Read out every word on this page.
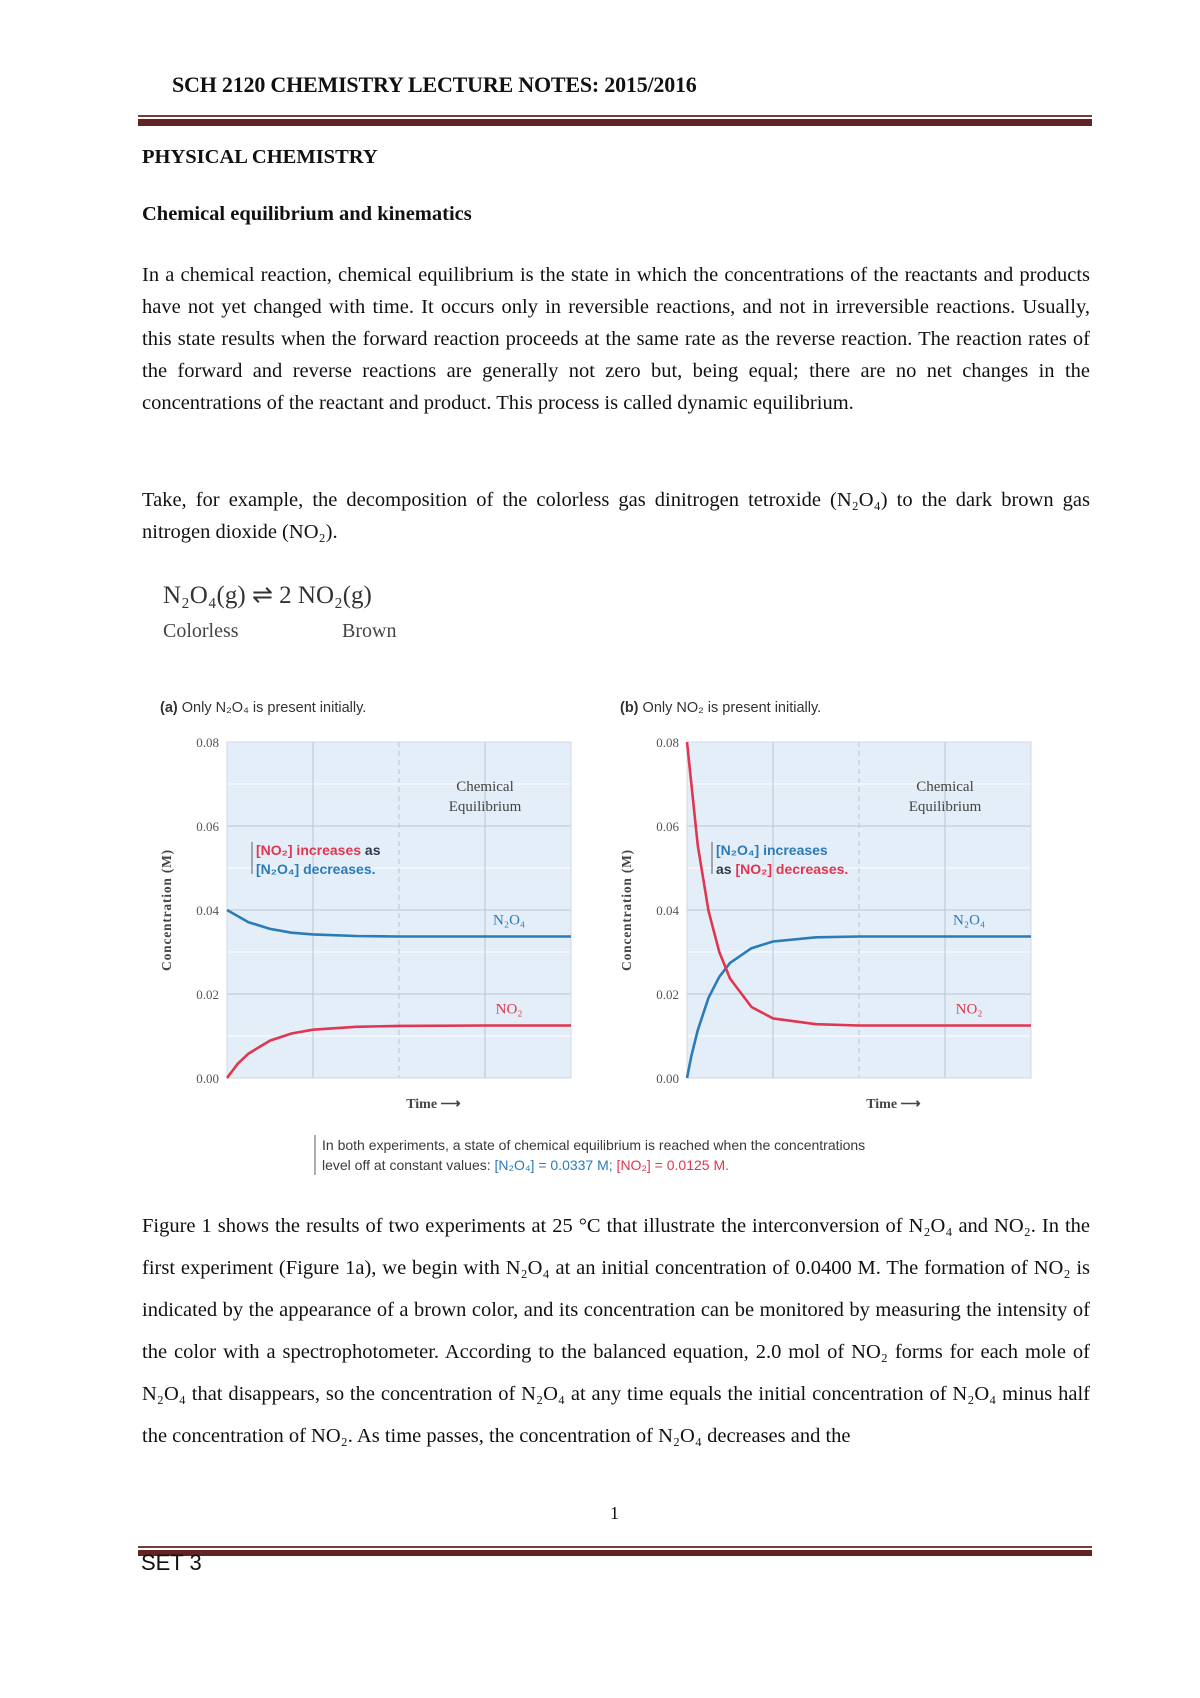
SCH 2120 CHEMISTRY LECTURE NOTES: 2015/2016
PHYSICAL CHEMISTRY
Chemical equilibrium and kinematics
In a chemical reaction, chemical equilibrium is the state in which the concentrations of the reactants and products have not yet changed with time. It occurs only in reversible reactions, and not in irreversible reactions. Usually, this state results when the forward reaction proceeds at the same rate as the reverse reaction. The reaction rates of the forward and reverse reactions are generally not zero but, being equal; there are no net changes in the concentrations of the reactant and product. This process is called dynamic equilibrium.
Take, for example, the decomposition of the colorless gas dinitrogen tetroxide (N₂O₄) to the dark brown gas nitrogen dioxide (NO₂).
N₂O₄(g) ⇌ 2 NO₂(g)
Colorless	Brown
(a) Only N₂O₄ is present initially.
0.00
0.02
0.04
0.06
0.08
N₂O₄
NO₂
Chemical
Equilibrium
[NO₂] increases as
[N₂O₄] decreases.
Concentration (M)
Time ⟶
(b) Only NO₂ is present initially.
0.00
0.02
0.04
0.06
0.08
N₂O₄
NO₂
Chemical
Equilibrium
[N₂O₄] increases
as [NO₂] decreases.
Concentration (M)
Time ⟶
In both experiments, a state of chemical equilibrium is reached when the concentrations
level off at constant values: [N₂O₄] = 0.0337 M; [NO₂] = 0.0125 M.
Figure 1 shows the results of two experiments at 25 °C that illustrate the interconversion of N₂O₄ and NO₂. In the first experiment (Figure 1a), we begin with N₂O₄ at an initial concentration of 0.0400 M. The formation of NO₂ is indicated by the appearance of a brown color, and its concentration can be monitored by measuring the intensity of the color with a spectrophotometer. According to the balanced equation, 2.0 mol of NO₂ forms for each mole of N₂O₄ that disappears, so the concentration of N₂O₄ at any time equals the initial concentration of N₂O₄ minus half the concentration of NO₂. As time passes, the concentration of N₂O₄ decreases and the
1
SET 3
